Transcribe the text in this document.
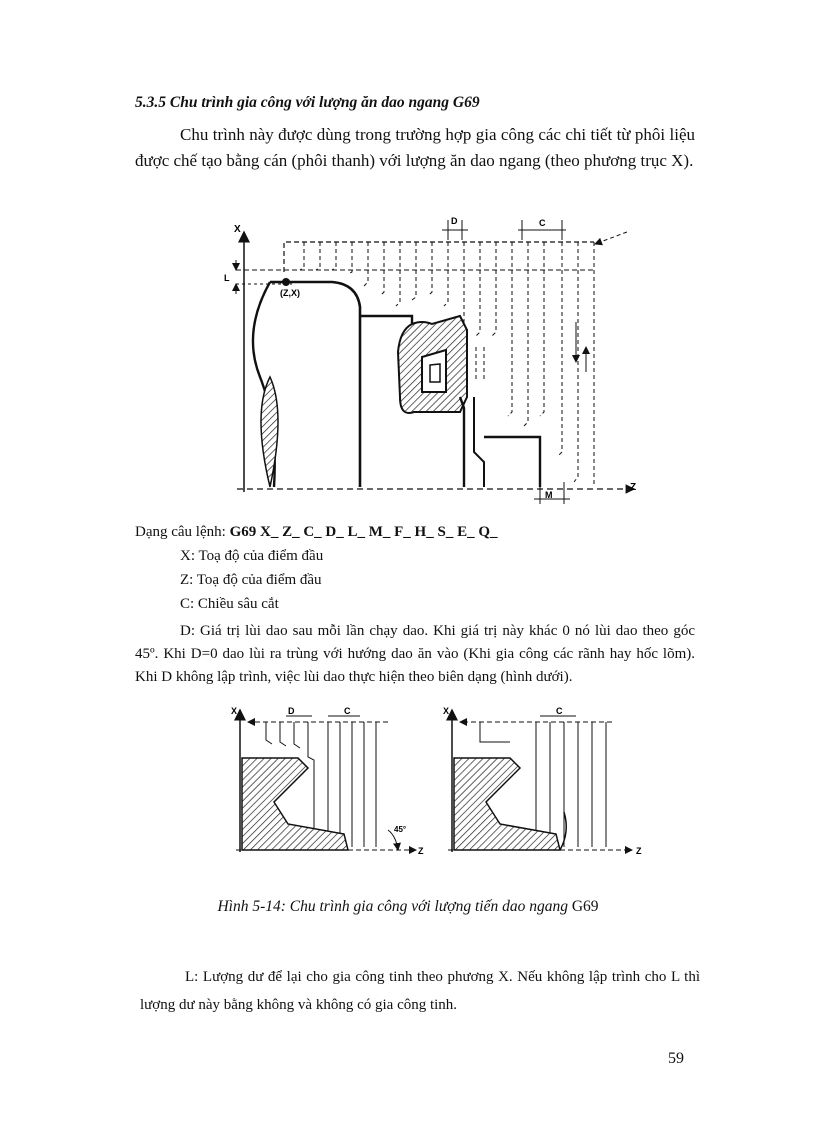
5.3.5 Chu trình gia công với lượng ăn dao ngang G69
Chu trình này được dùng trong trường hợp gia công các chi tiết từ phôi liệu được chế tạo bằng cán (phôi thanh) với lượng ăn dao ngang (theo phương trục X).
X
Z
L
D	C
(Z,X)
M
Dạng câu lệnh: G69 X_ Z_ C_ D_ L_ M_ F_ H_ S_ E_ Q_
X: Toạ độ của điểm đầu
Z: Toạ độ của điểm đầu
C: Chiều sâu cắt
D: Giá trị lùi dao sau mỗi lần chạy dao. Khi giá trị này khác 0 nó lùi dao theo góc 45º. Khi D=0 dao lùi ra trùng với hướng dao ăn vào (Khi gia công các rãnh hay hốc lõm). Khi D không lập trình, việc lùi dao thực hiện theo biên dạng (hình dưới).
X
Z
D	C
45°
X
Z
C
Hình 5-14: Chu trình gia công với lượng tiến dao ngang G69
L: Lượng dư để lại cho gia công tinh theo phương X. Nếu không lập trình cho L thì lượng dư này bằng không và không có gia công tinh.
59
